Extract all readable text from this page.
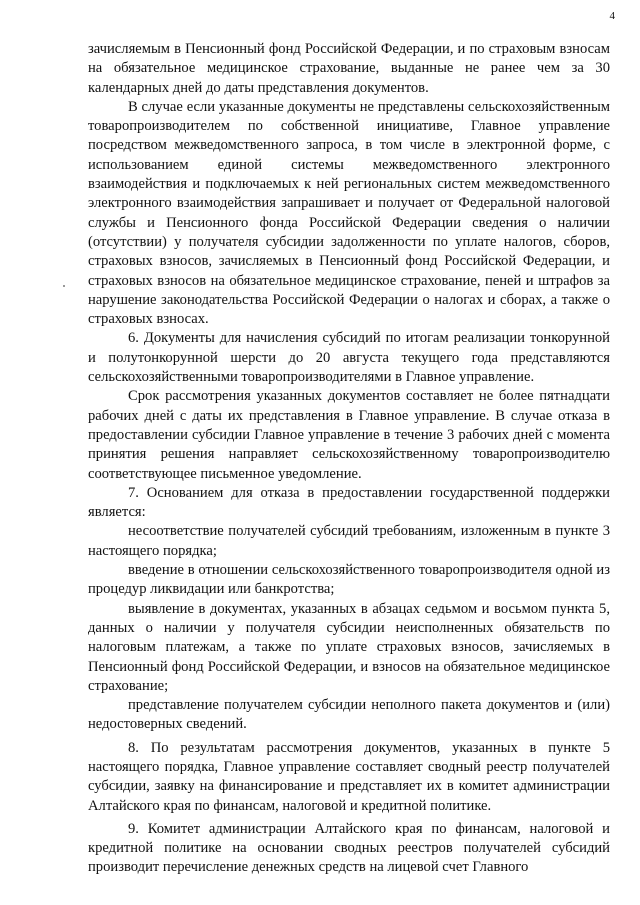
4

зачисляемым в Пенсионный фонд Российской Федерации, и по страховым взносам на обязательное медицинское страхование, выданные не ранее чем за 30 календарных дней до даты представления документов.

В случае если указанные документы не представлены сельскохозяйственным товаропроизводителем по собственной инициативе, Главное управление посредством межведомственного запроса, в том числе в электронной форме, с использованием единой системы межведомственного электронного взаимодействия и подключаемых к ней региональных систем межведомственного электронного взаимодействия запрашивает и получает от Федеральной налоговой службы и Пенсионного фонда Российской Федерации сведения о наличии (отсутствии) у получателя субсидии задолженности по уплате налогов, сборов, страховых взносов, зачисляемых в Пенсионный фонд Российской Федерации, и страховых взносов на обязательное медицинское страхование, пеней и штрафов за нарушение законодательства Российской Федерации о налогах и сборах, а также о страховых взносах.

6. Документы для начисления субсидий по итогам реализации тонкорунной и полутонкорунной шерсти до 20 августа текущего года представляются сельскохозяйственными товаропроизводителями в Главное управление.

Срок рассмотрения указанных документов составляет не более пятнадцати рабочих дней с даты их представления в Главное управление. В случае отказа в предоставлении субсидии Главное управление в течение 3 рабочих дней с момента принятия решения направляет сельскохозяйственному товаропроизводителю соответствующее письменное уведомление.

7. Основанием для отказа в предоставлении государственной поддержки является:

несоответствие получателей субсидий требованиям, изложенным в пункте 3 настоящего порядка;

введение в отношении сельскохозяйственного товаропроизводителя одной из процедур ликвидации или банкротства;

выявление в документах, указанных в абзацах седьмом и восьмом пункта 5, данных о наличии у получателя субсидии неисполненных обязательств по налоговым платежам, а также по уплате страховых взносов, зачисляемых в Пенсионный фонд Российской Федерации, и взносов на обязательное медицинское страхование;

представление получателем субсидии неполного пакета документов и (или) недостоверных сведений.

8. По результатам рассмотрения документов, указанных в пункте 5 настоящего порядка, Главное управление составляет сводный реестр получателей субсидии, заявку на финансирование и представляет их в комитет администрации Алтайского края по финансам, налоговой и кредитной политике.

9. Комитет администрации Алтайского края по финансам, налоговой и кредитной политике на основании сводных реестров получателей субсидий производит перечисление денежных средств на лицевой счет Главного
